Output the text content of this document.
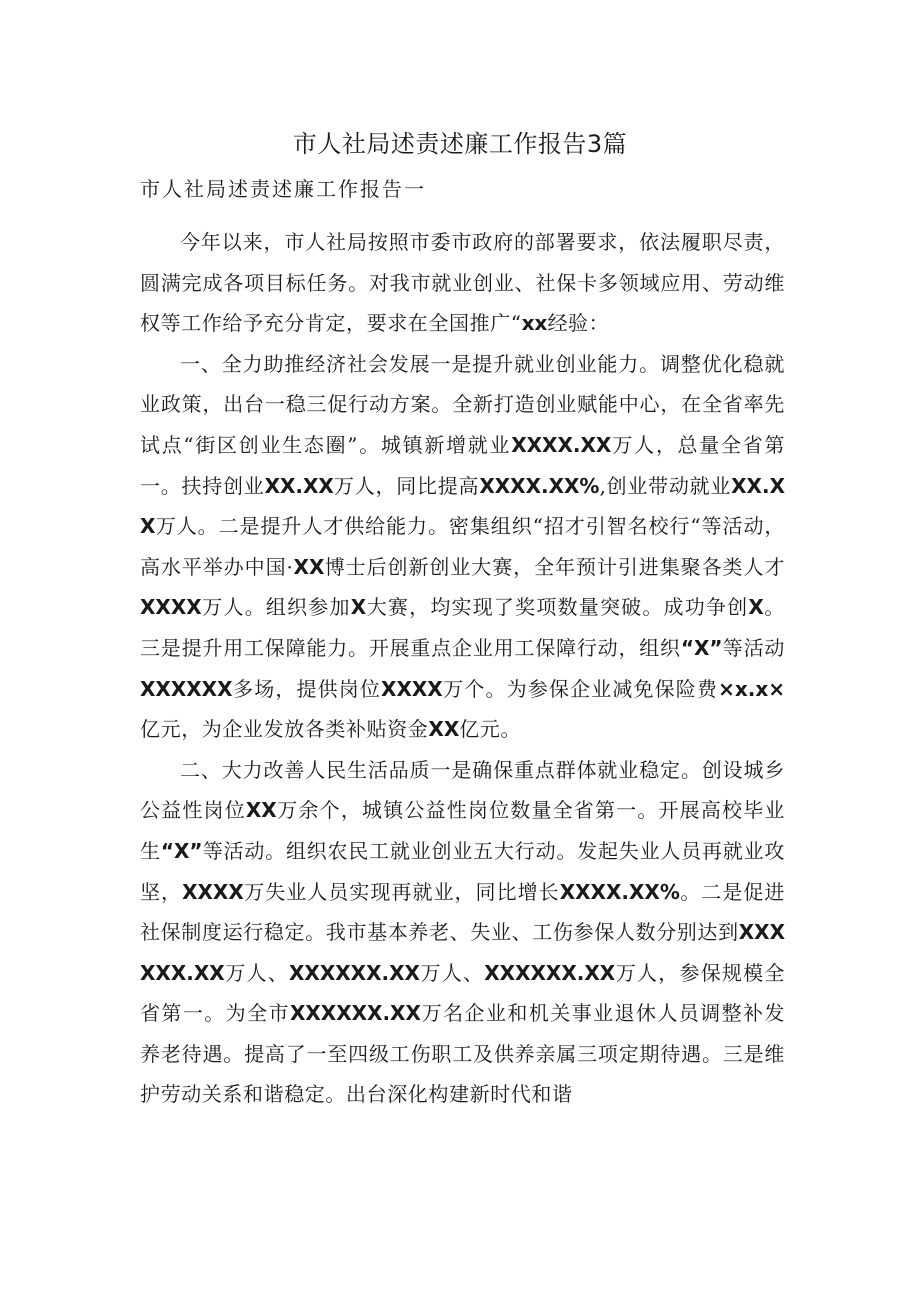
市人社局述责述廉工作报告3篇
市人社局述责述廉工作报告一

今年以来，市人社局按照市委市政府的部署要求，依法履职尽责，圆满完成各项目标任务。对我市就业创业、社保卡多领域应用、劳动维权等工作给予充分肯定，要求在全国推广“xx经验：

一、全力助推经济社会发展一是提升就业创业能力。调整优化稳就业政策，出台一稳三促行动方案。全新打造创业赋能中心，在全省率先试点“街区创业生态圈”。城镇新增就业XXXX.XX万人，总量全省第一。扶持创业XX.XX万人，同比提高XXXX.XX%,创业带动就业XX.XX万人。二是提升人才供给能力。密集组织“招才引智名校行“等活动，高水平举办中国·XX博士后创新创业大赛，全年预计引进集聚各类人才XXXX万人。组织参加X大赛，均实现了奖项数量突破。成功争创X。三是提升用工保障能力。开展重点企业用工保障行动，组织“X”等活动XXXXXX多场，提供岗位XXXX万个。为参保企业减免保险费×x.x×亿元，为企业发放各类补贴资金XX亿元。

二、大力改善人民生活品质一是确保重点群体就业稳定。创设城乡公益性岗位XX万余个，城镇公益性岗位数量全省第一。开展高校毕业生“X”等活动。组织农民工就业创业五大行动。发起失业人员再就业攻坚，XXXX万失业人员实现再就业，同比增长XXXX.XX%。二是促进社保制度运行稳定。我市基本养老、失业、工伤参保人数分别达到XXXXXX.XX万人、XXXXXX.XX万人、XXXXXX.XX万人，参保规模全省第一。为全市XXXXXX.XX万名企业和机关事业退休人员调整补发养老待遇。提高了一至四级工伤职工及供养亲属三项定期待遇。三是维护劳动关系和谐稳定。出台深化构建新时代和谐
